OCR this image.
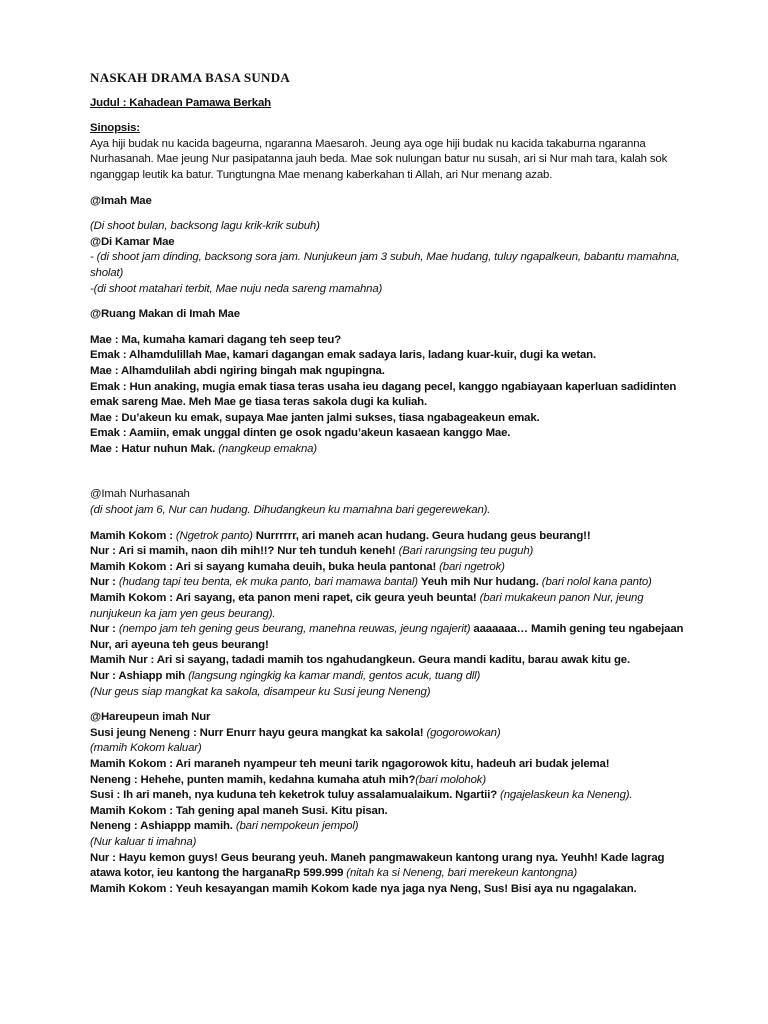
NASKAH DRAMA BASA SUNDA

Judul : Kahadean Pamawa Berkah

Sinopsis:

Aya hiji budak nu kacida bageurna, ngaranna Maesaroh. Jeung aya oge hiji budak nu kacida takaburna ngaranna Nurhasanah. Mae jeung Nur pasipatanna jauh beda. Mae sok nulungan batur nu susah, ari si Nur mah tara, kalah sok nganggap leutik ka batur. Tungtungna Mae menang kaberkahan ti Allah, ari Nur menang azab.

@Imah Mae

(Di shoot bulan, backsong lagu krik-krik subuh)

@Di Kamar Mae

- (di shoot jam dinding, backsong sora jam. Nunjukeun jam 3 subuh, Mae hudang, tuluy ngapalkeun, babantu mamahna, sholat)

-(di shoot matahari terbit, Mae nuju neda sareng mamahna)

@Ruang Makan di Imah Mae

Mae : Ma, kumaha kamari dagang teh seep teu?

Emak : Alhamdulillah Mae, kamari dagangan emak sadaya laris, ladang kuar-kuir, dugi ka wetan.

Mae : Alhamdulilah abdi ngiring bingah mak ngupingna.

Emak : Hun anaking, mugia emak tiasa teras usaha ieu dagang pecel, kanggo ngabiayaan kaperluan sadidinten emak sareng Mae. Meh Mae ge tiasa teras sakola dugi ka kuliah.

Mae : Du’akeun ku emak, supaya Mae janten jalmi sukses, tiasa ngabageakeun emak.

Emak : Aamiin, emak unggal dinten ge osok ngadu’akeun kasaean kanggo Mae.

Mae : Hatur nuhun Mak. (nangkeup emakna)

@Imah Nurhasanah

(di shoot jam 6, Nur can hudang. Dihudangkeun ku mamahna bari gegerewekan).

Mamih Kokom : (Ngetrok panto) Nurrrrrr, ari maneh acan hudang. Geura hudang geus beurang!!

Nur : Ari si mamih, naon dih mih!!? Nur teh tunduh keneh! (Bari rarungsing teu puguh)

Mamih Kokom : Ari si sayang kumaha deuih, buka heula pantona! (bari ngetrok)

Nur : (hudang tapi teu benta, ek muka panto, bari mamawa bantal) Yeuh mih Nur hudang. (bari nolol kana panto)

Mamih Kokom : Ari sayang, eta panon meni rapet, cik geura yeuh beunta! (bari mukakeun panon Nur, jeung nunjukeun ka jam yen geus beurang).

Nur : (nempo jam teh gening geus beurang, manehna reuwas, jeung ngajerit) aaaaaaa… Mamih gening teu ngabejaan Nur, ari ayeuna teh geus beurang!

Mamih Nur : Ari si sayang, tadadi mamih tos ngahudangkeun. Geura mandi kaditu, barau awak kitu ge.

Nur : Ashiapp mih (langsung ngingkig ka kamar mandi, gentos acuk, tuang dll)

(Nur geus siap mangkat ka sakola, disampeur ku Susi jeung Neneng)

@Hareupeun imah Nur

Susi jeung Neneng : Nurr Enurr hayu geura mangkat ka sakola! (gogorowokan)

(mamih Kokom kaluar)

Mamih Kokom : Ari maraneh nyampeur teh meuni tarik ngagorowok kitu, hadeuh ari budak jelema!

Neneng : Hehehe, punten mamih, kedahna kumaha atuh mih?(bari molohok)

Susi : Ih ari maneh, nya kuduna teh keketrok tuluy assalamualaikum. Ngartii? (ngajelaskeun ka Neneng).

Mamih Kokom : Tah gening apal maneh Susi. Kitu pisan.

Neneng : Ashiappp mamih. (bari nempokeun jempol)

(Nur kaluar ti imahna)

Nur : Hayu kemon guys! Geus beurang yeuh. Maneh pangmawakeun kantong urang nya. Yeuhh! Kade lagrag atawa kotor, ieu kantong the harganaRp 599.999 (nitah ka si Neneng, bari merekeun kantongna)

Mamih Kokom : Yeuh kesayangan mamih Kokom kade nya jaga nya Neng, Sus! Bisi aya nu ngagalakan.
